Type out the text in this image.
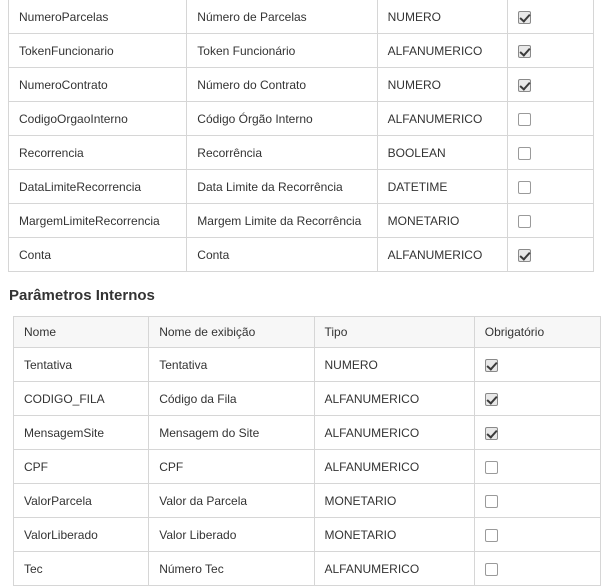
NumeroParcelas	Número de Parcelas	NUMERO	
TokenFuncionario	Token Funcionário	ALFANUMERICO	
NumeroContrato	Número do Contrato	NUMERO	
CodigoOrgaoInterno	Código Órgão Interno	ALFANUMERICO	
Recorrencia	Recorrência	BOOLEAN	
DataLimiteRecorrencia	Data Limite da Recorrência	DATETIME	
MargemLimiteRecorrencia	Margem Limite da Recorrência	MONETARIO	
Conta	Conta	ALFANUMERICO	
Parâmetros Internos
Nome	Nome de exibição	Tipo	Obrigatório
Tentativa	Tentativa	NUMERO	
CODIGO_FILA	Código da Fila	ALFANUMERICO	
MensagemSite	Mensagem do Site	ALFANUMERICO	
CPF	CPF	ALFANUMERICO	
ValorParcela	Valor da Parcela	MONETARIO	
ValorLiberado	Valor Liberado	MONETARIO	
Tec	Número Tec	ALFANUMERICO	
